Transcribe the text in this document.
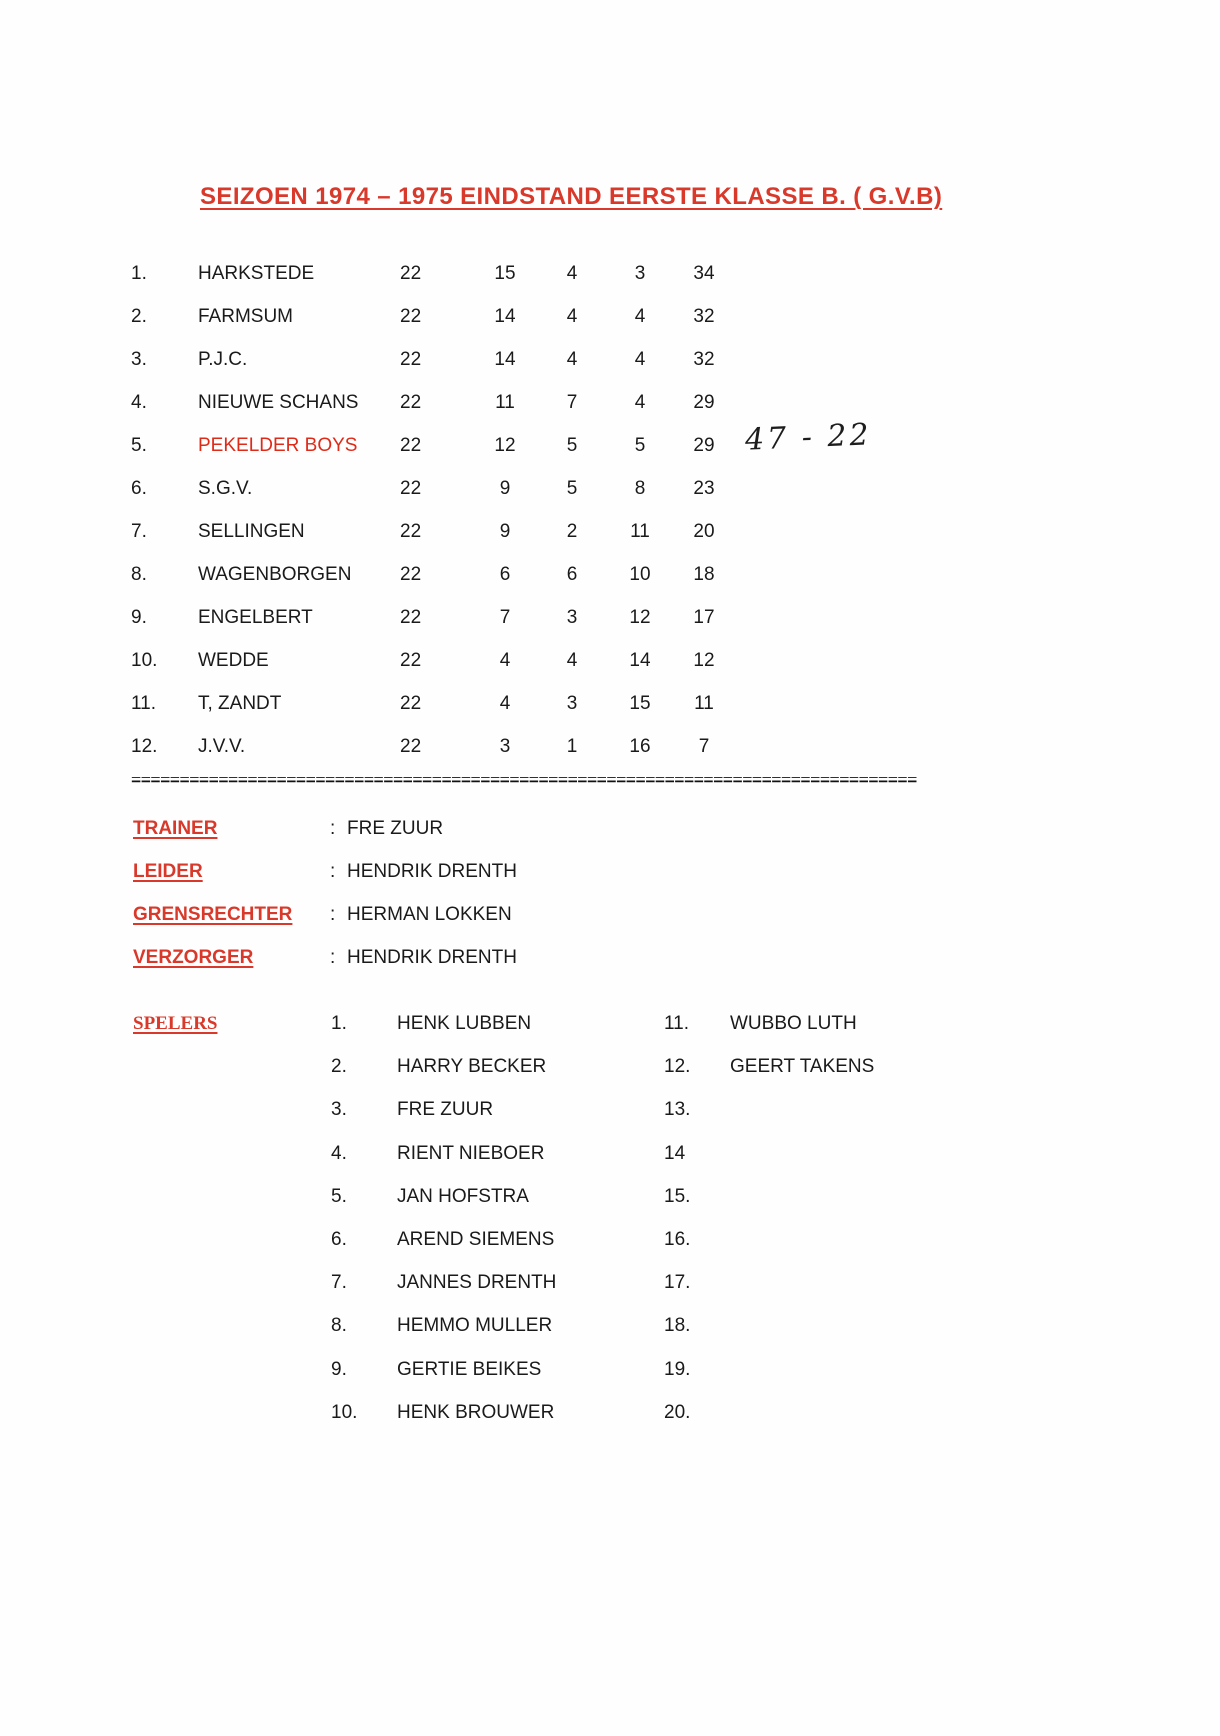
SEIZOEN 1974 – 1975 EINDSTAND EERSTE KLASSE B. ( G.V.B)
1.	HARKSTEDE	22	15	4	3	34
2.	FARMSUM	22	14	4	4	32
3.	P.J.C.	22	14	4	4	32
4.	NIEUWE SCHANS	22	11	7	4	29
5.	PEKELDER BOYS	22	12	5	5	29
6.	S.G.V.	22	9	5	8	23
7.	SELLINGEN	22	9	2	11	20
8.	WAGENBORGEN	22	6	6	10	18
9.	ENGELBERT	22	7	3	12	17
10.	WEDDE	22	4	4	14	12
11.	T, ZANDT	22	4	3	15	11
12.	J.V.V.	22	3	1	16	7
47 - 22
=================================================================================
TRAINER	: FRE ZUUR
LEIDER	: HENDRIK DRENTH
GRENSRECHTER	: HERMAN LOKKEN
VERZORGER	: HENDRIK DRENTH
SPELERS	1.	HENK LUBBEN
2.	HARRY BECKER
3.	FRE ZUUR
4.	RIENT NIEBOER
5.	JAN HOFSTRA
6.	AREND SIEMENS
7.	JANNES DRENTH
8.	HEMMO MULLER
9.	GERTIE BEIKES
10.	HENK BROUWER
11.	WUBBO LUTH
12.	GEERT TAKENS
13.
14
15.
16.
17.
18.
19.
20.
